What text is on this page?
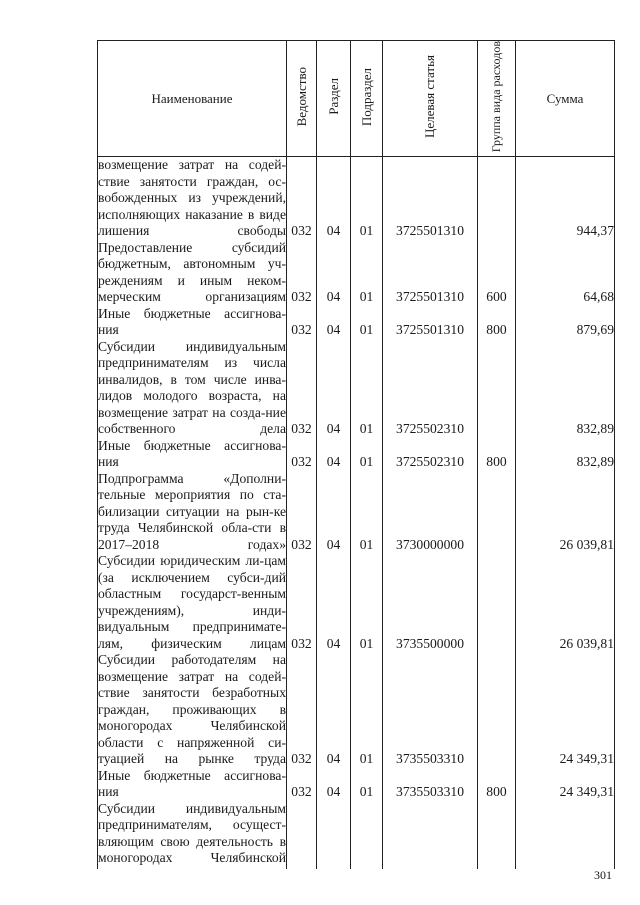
Наименование	Ведомство	Раздел	Подраздел	Целевая статья	Группа вида расходов	Сумма
возмещение затрат на содей-ствие занятости граждан, ос-вобожденных из учреждений, исполняющих наказание в виде лишения свободы	032	04	01	3725501310		944,37
Предоставление субсидий бюджетным, автономным уч-реждениям и иным неком-мерческим организациям	032	04	01	3725501310	600	64,68
Иные бюджетные ассигнова-ния	032	04	01	3725501310	800	879,69
Субсидии индивидуальным предпринимателям из числа инвалидов, в том числе инва-лидов молодого возраста, на возмещение затрат на созда-ние собственного дела	032	04	01	3725502310		832,89
Иные бюджетные ассигнова-ния	032	04	01	3725502310	800	832,89
Подпрограмма «Дополни-тельные мероприятия по ста-билизации ситуации на рын-ке труда Челябинской обла-сти в 2017–2018 годах»	032	04	01	3730000000		26 039,81
Субсидии юридическим ли-цам (за исключением субси-дий областным государст-венным учреждениям), инди-видуальным предпринимате-лям, физическим лицам	032	04	01	3735500000		26 039,81
Субсидии работодателям на возмещение затрат на содей-ствие занятости безработных граждан, проживающих в моногородах Челябинской области с напряженной си-туацией на рынке труда	032	04	01	3735503310		24 349,31
Иные бюджетные ассигнова-ния	032	04	01	3735503310	800	24 349,31
Субсидии индивидуальным предпринимателям, осущест-вляющим свою деятельность в моногородах Челябинской						
301
